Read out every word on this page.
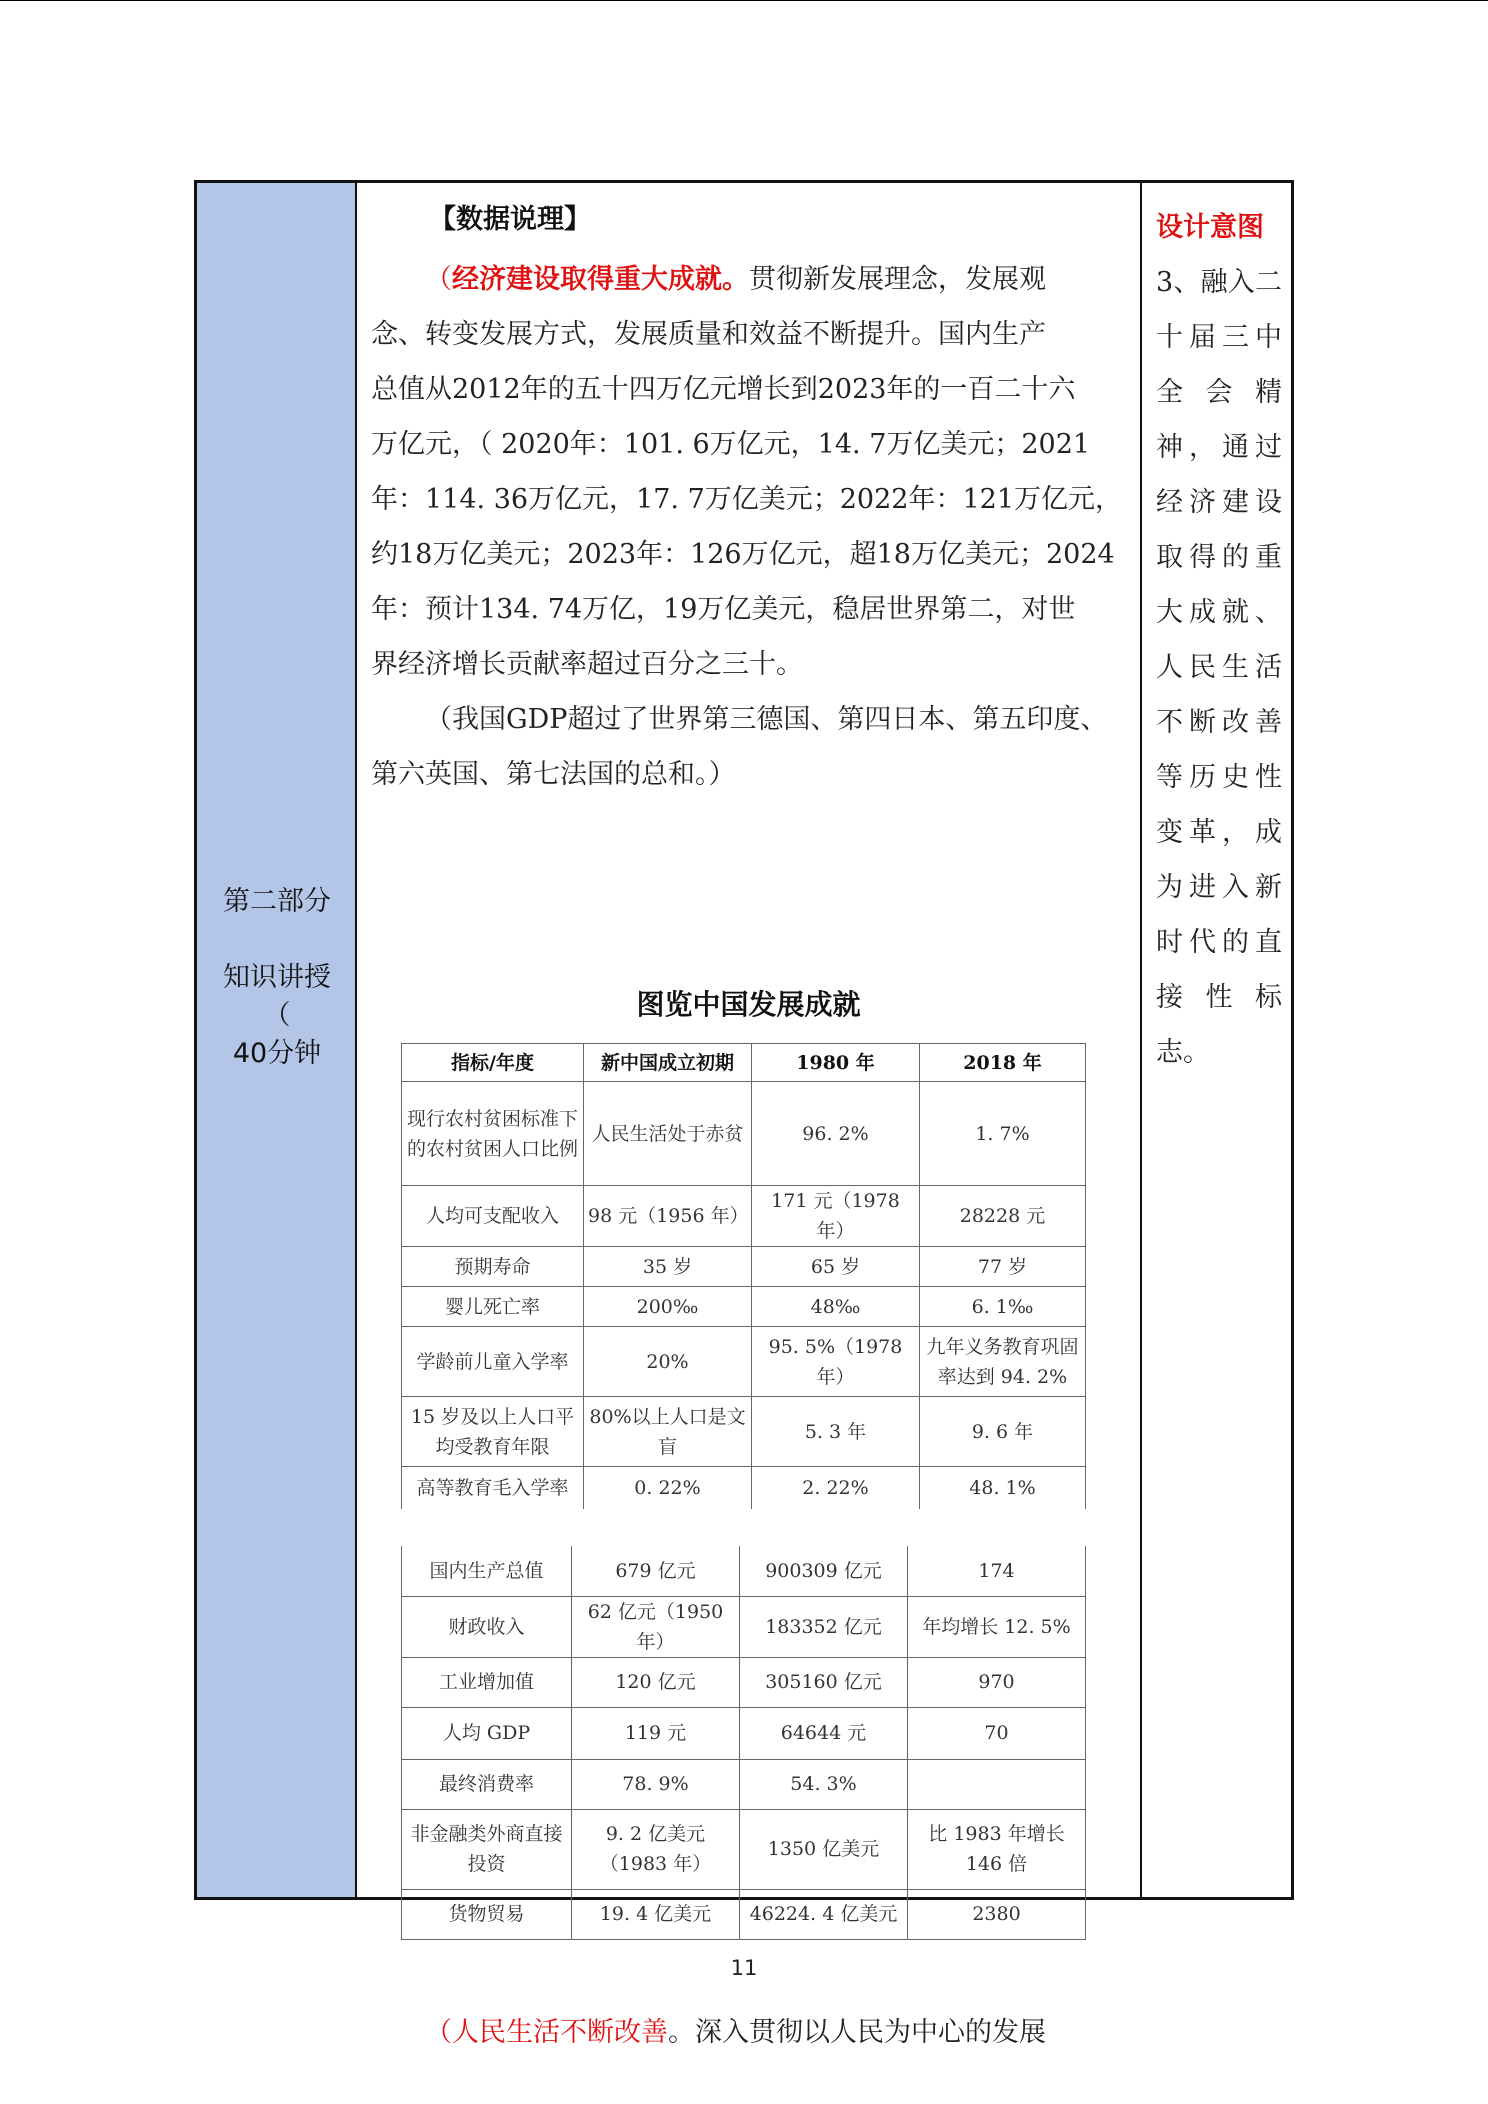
第二部分
知识讲授
（
40分钟
【数据说理】
（经济建设取得重大成就。贯彻新发展理念，发展观
念、转变发展方式，发展质量和效益不断提升。国内生产
总值从2012年的五十四万亿元增长到2023年的一百二十六
万亿元，（ 2020年：101. 6万亿元，14. 7万亿美元；2021
年：114. 36万亿元，17. 7万亿美元；2022年：121万亿元，
约18万亿美元；2023年：126万亿元，超18万亿美元；2024
年：预计134. 74万亿，19万亿美元，稳居世界第二，对世
界经济增长贡献率超过百分之三十。
（我国GDP超过了世界第三德国、第四日本、第五印度、
第六英国、第七法国的总和。）
图览中国发展成就
指标/年度	新中国成立初期	1980 年	2018 年
现行农村贫困标准下的农村贫困人口比例	人民生活处于赤贫	96. 2%	1. 7%
人均可支配收入	98 元（1956 年）	171 元（1978 年）	28228 元
预期寿命	35 岁	65 岁	77 岁
婴儿死亡率	200‰	48‰	6. 1‰
学龄前儿童入学率	20%	95. 5%（1978 年）	九年义务教育巩固率达到 94. 2%
15 岁及以上人口平均受教育年限	80%以上人口是文盲	5. 3 年	9. 6 年
高等教育毛入学率	0. 22%	2. 22%	48. 1%
国内生产总值	679 亿元	900309 亿元	174
财政收入	62 亿元（1950 年）	183352 亿元	年均增长 12. 5%
工业增加值	120 亿元	305160 亿元	970
人均 GDP	119 元	64644 元	70
最终消费率	78. 9%	54. 3%	
非金融类外商直接投资	9. 2 亿美元（1983 年）	1350 亿美元	比 1983 年增长 146 倍
货物贸易	19. 4 亿美元	46224. 4 亿美元	2380
（人民生活不断改善。深入贯彻以人民为中心的发展
设计意图
3、融入二
十届三中
全会精
神，通过
经济建设
取得的重
大成就、
人民生活
不断改善
等历史性
变革，成
为进入新
时代的直
接性标
志。
11
